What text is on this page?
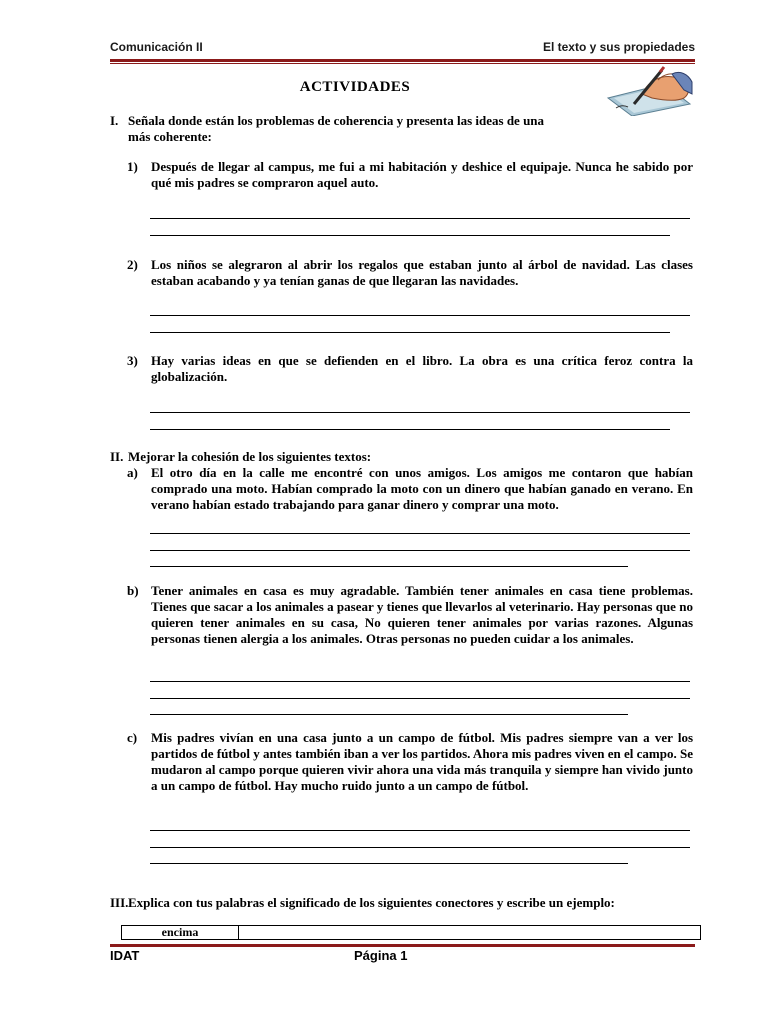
Comunicación II	El texto y sus propiedades
ACTIVIDADES
I. Señala donde están los problemas de coherencia y presenta las ideas de una
más coherente:
1) Después de llegar al campus, me fui a mi habitación y deshice el equipaje. Nunca he sabido por qué mis padres se compraron aquel auto.
2) Los niños se alegraron al abrir los regalos que estaban junto al árbol de navidad. Las clases estaban acabando y ya tenían ganas de que llegaran las navidades.
3) Hay varias ideas en que se defienden en el libro. La obra es una crítica feroz contra la globalización.
II. Mejorar la cohesión de los siguientes textos:
a) El otro día en la calle me encontré con unos amigos. Los amigos me contaron que habían comprado una moto. Habían comprado la moto con un dinero que habían ganado en verano. En verano habían estado trabajando para ganar dinero y comprar una moto.
b) Tener animales en casa es muy agradable. También tener animales en casa tiene problemas. Tienes que sacar a los animales a pasear y tienes que llevarlos al veterinario. Hay personas que no quieren tener animales en su casa, No quieren tener animales por varias razones. Algunas personas tienen alergia a los animales. Otras personas no pueden cuidar a los animales.
c) Mis padres vivían en una casa junto a un campo de fútbol. Mis padres siempre van a ver los partidos de fútbol y antes también iban a ver los partidos. Ahora mis padres viven en el campo. Se mudaron al campo porque quieren vivir ahora una vida más tranquila y siempre han vivido junto a un campo de fútbol. Hay mucho ruido junto a un campo de fútbol.
III. Explica con tus palabras el significado de los siguientes conectores y escribe un ejemplo:
encima
IDAT	Página 1
